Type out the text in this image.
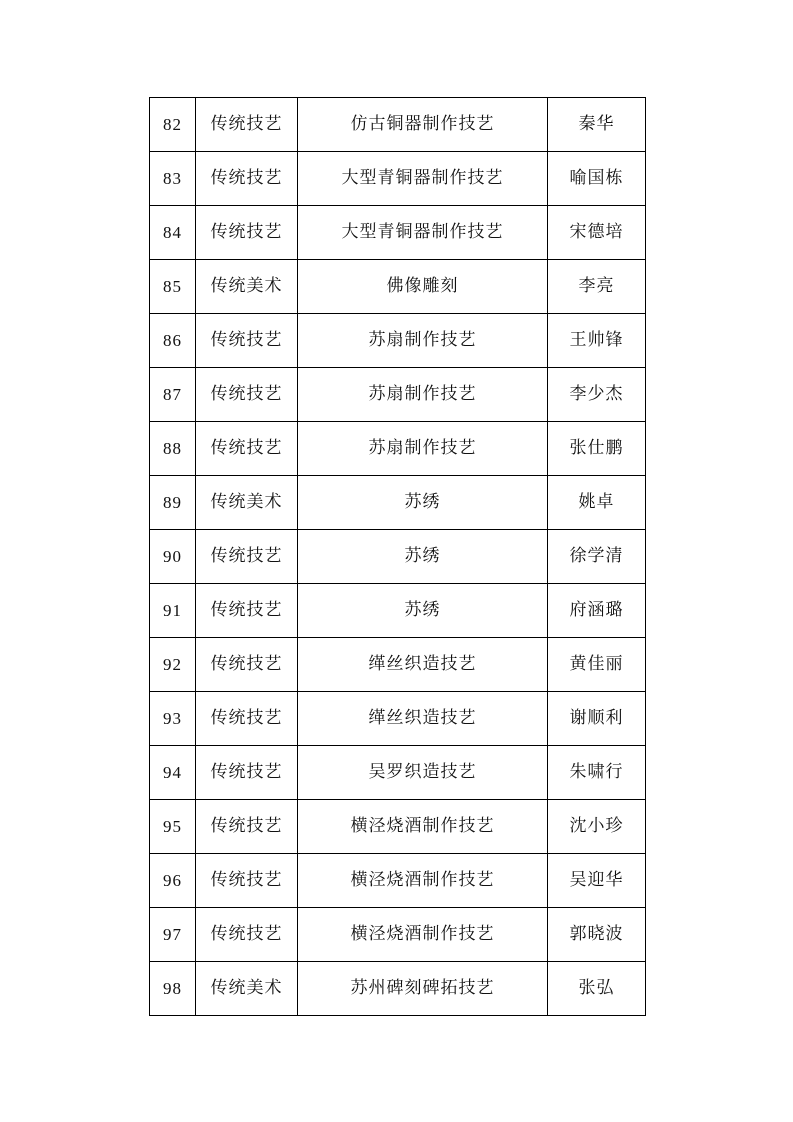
82	传统技艺	仿古铜器制作技艺	秦华
83	传统技艺	大型青铜器制作技艺	喻国栋
84	传统技艺	大型青铜器制作技艺	宋德培
85	传统美术	佛像雕刻	李亮
86	传统技艺	苏扇制作技艺	王帅锋
87	传统技艺	苏扇制作技艺	李少杰
88	传统技艺	苏扇制作技艺	张仕鹏
89	传统美术	苏绣	姚卓
90	传统技艺	苏绣	徐学清
91	传统技艺	苏绣	府涵璐
92	传统技艺	缂丝织造技艺	黄佳丽
93	传统技艺	缂丝织造技艺	谢顺利
94	传统技艺	吴罗织造技艺	朱啸行
95	传统技艺	横泾烧酒制作技艺	沈小珍
96	传统技艺	横泾烧酒制作技艺	吴迎华
97	传统技艺	横泾烧酒制作技艺	郭晓波
98	传统美术	苏州碑刻碑拓技艺	张弘
